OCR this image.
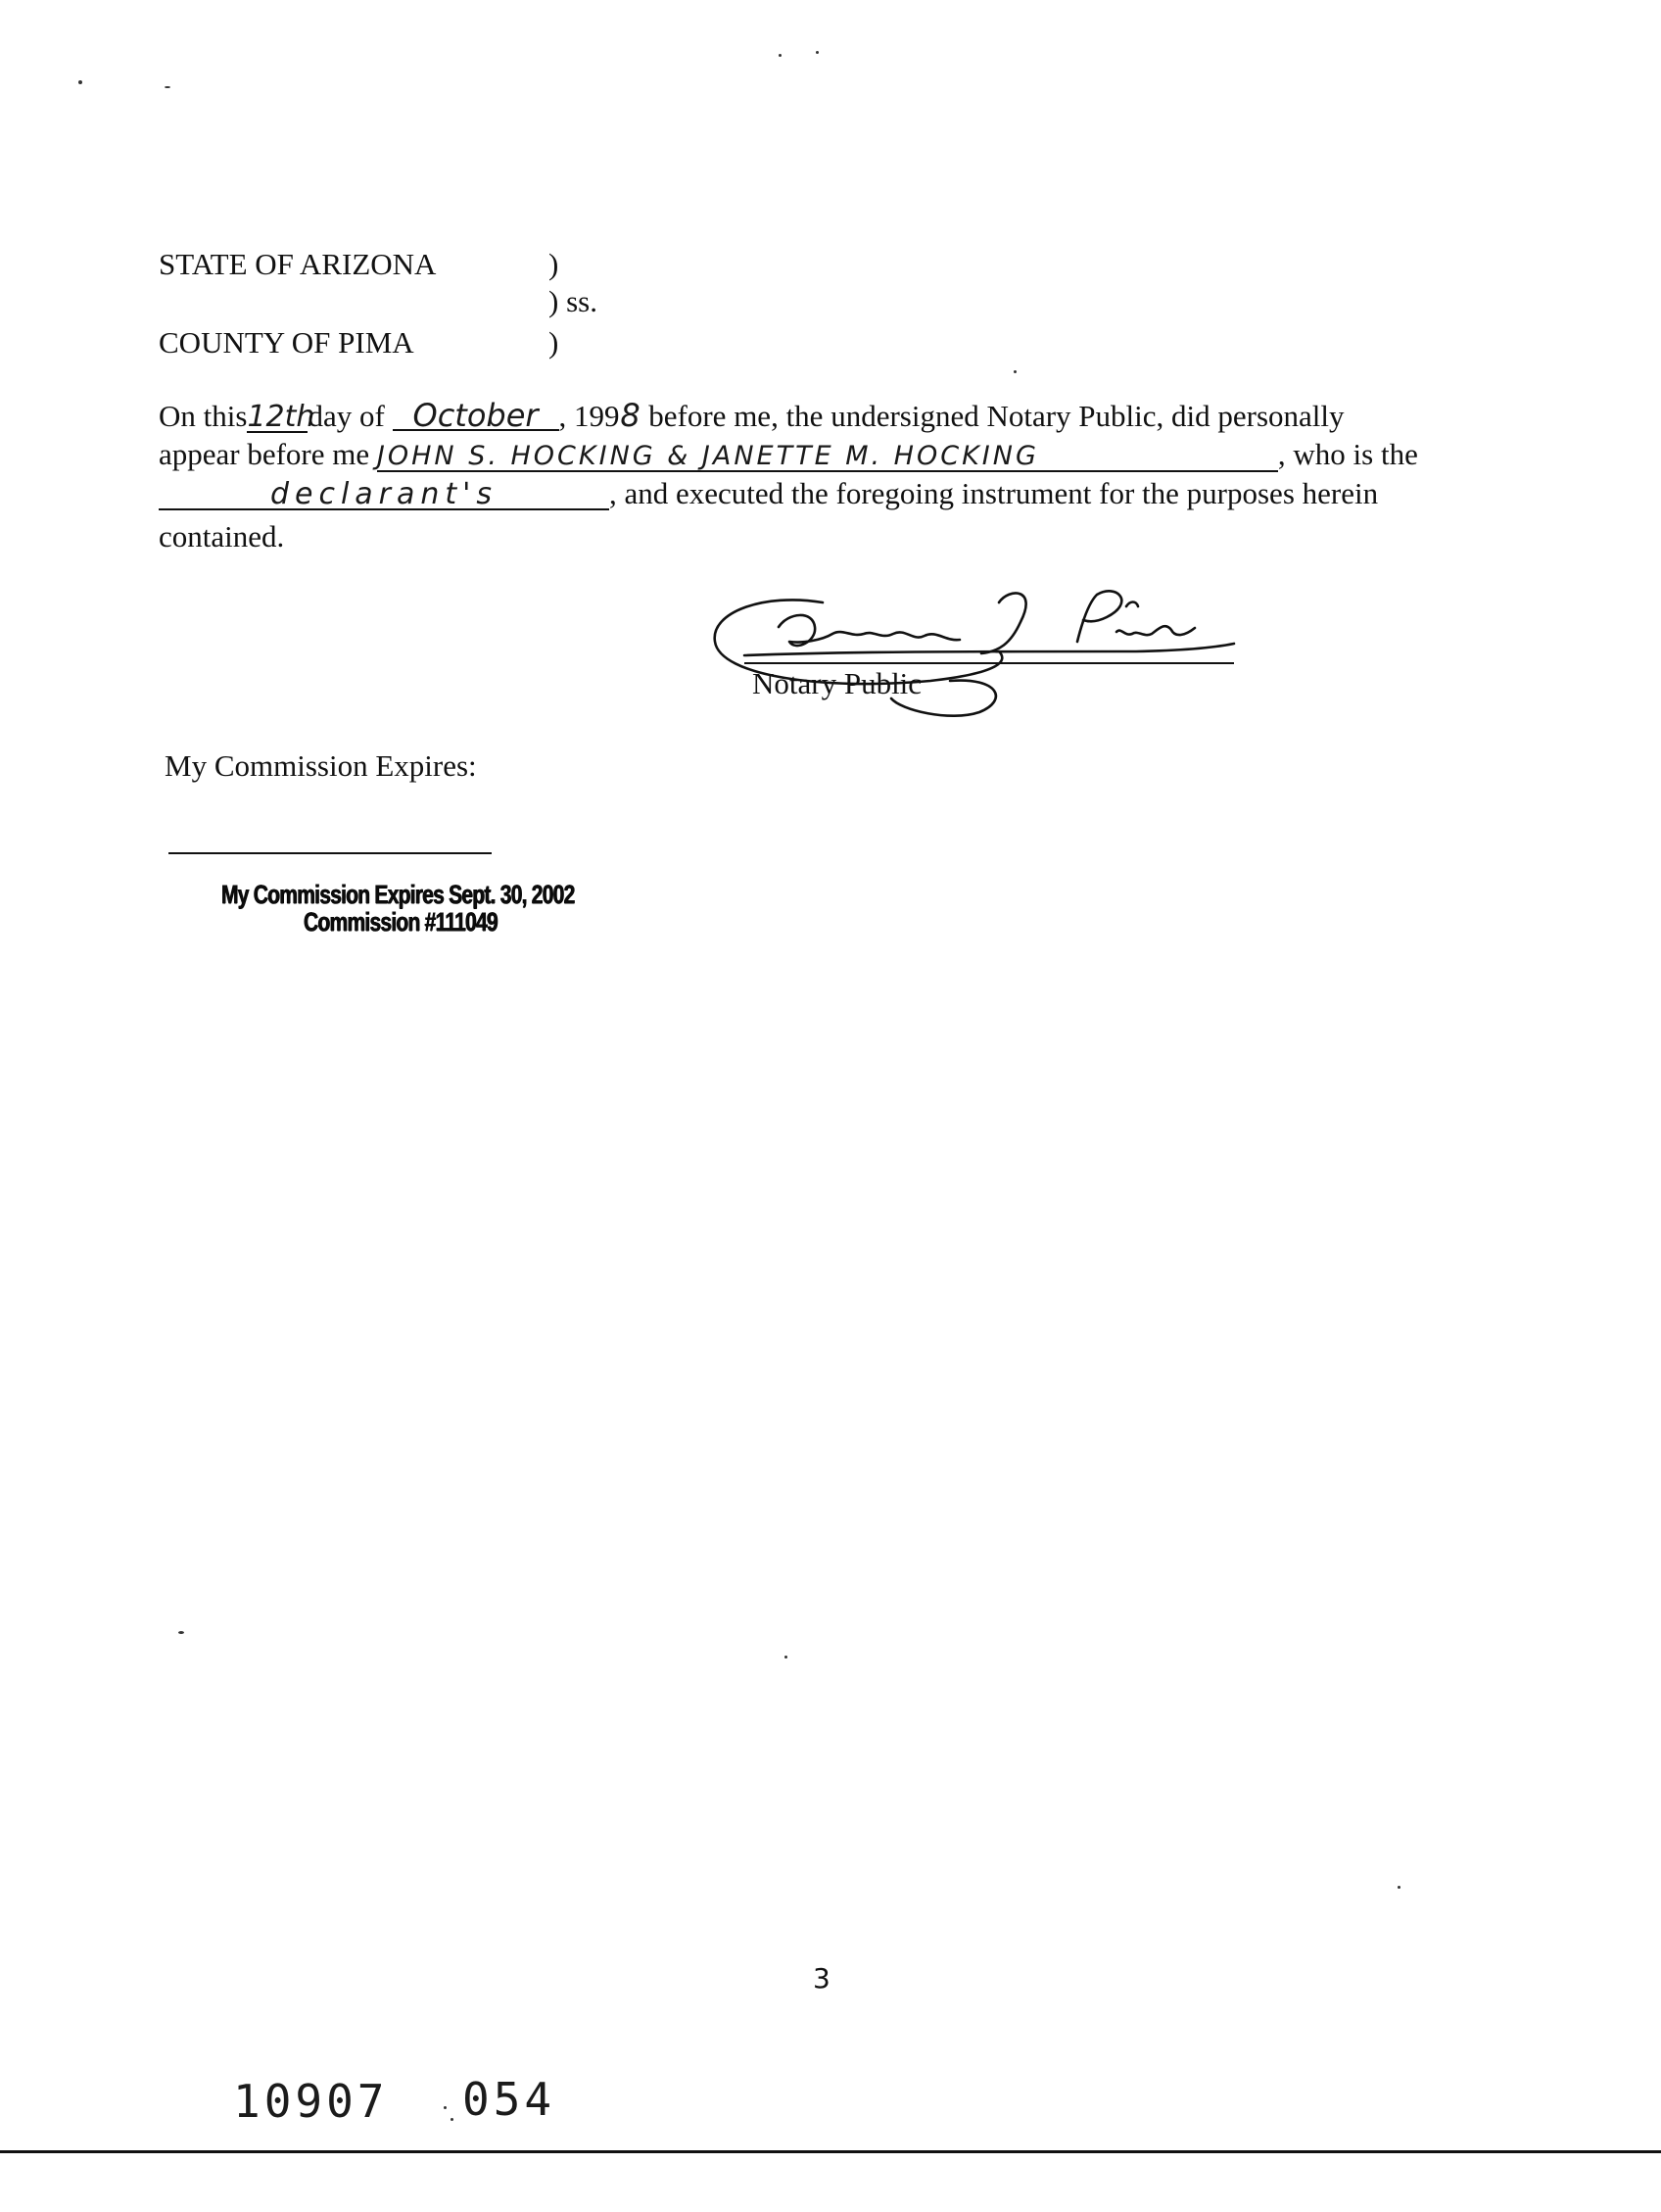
STATE OF ARIZONA	)
) ss.
COUNTY OF PIMA	)
On this12thday of October , 1998 before me, the undersigned Notary Public, did personally
appear before me JOHN S. HOCKING & JANETTE M. HOCKING	, who is the
declarant's	, and executed the foregoing instrument for the purposes herein
contained.
Notary Public
My Commission Expires:
My Commission Expires Sept. 30, 2002
Commission #111049
3
10907 054
